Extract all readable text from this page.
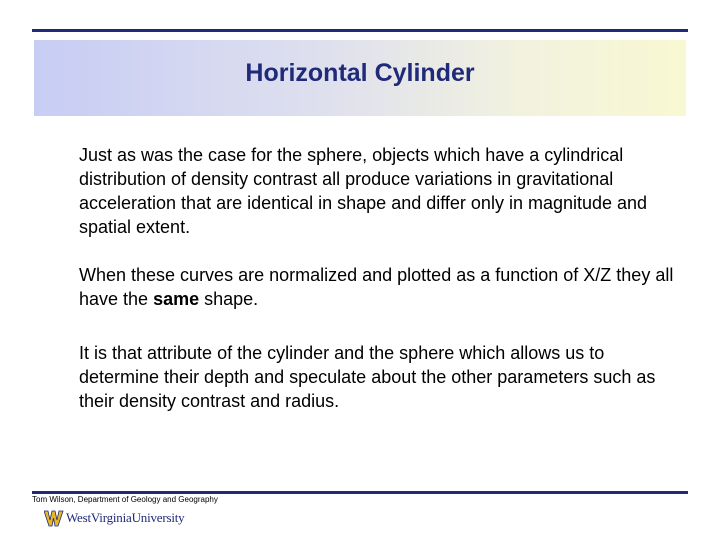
Horizontal Cylinder

Just as was the case for the sphere, objects which have a cylindrical distribution of density contrast all produce variations in gravitational acceleration that are identical in shape and differ only in magnitude and spatial extent.

When these curves are normalized and plotted as a function of X/Z they all have the same shape.

It is that attribute of the cylinder and the sphere which allows us to determine their depth and speculate about the other parameters such as their density contrast and radius.

Tom Wilson, Department of Geology and Geography
WestVirginiaUniversity
